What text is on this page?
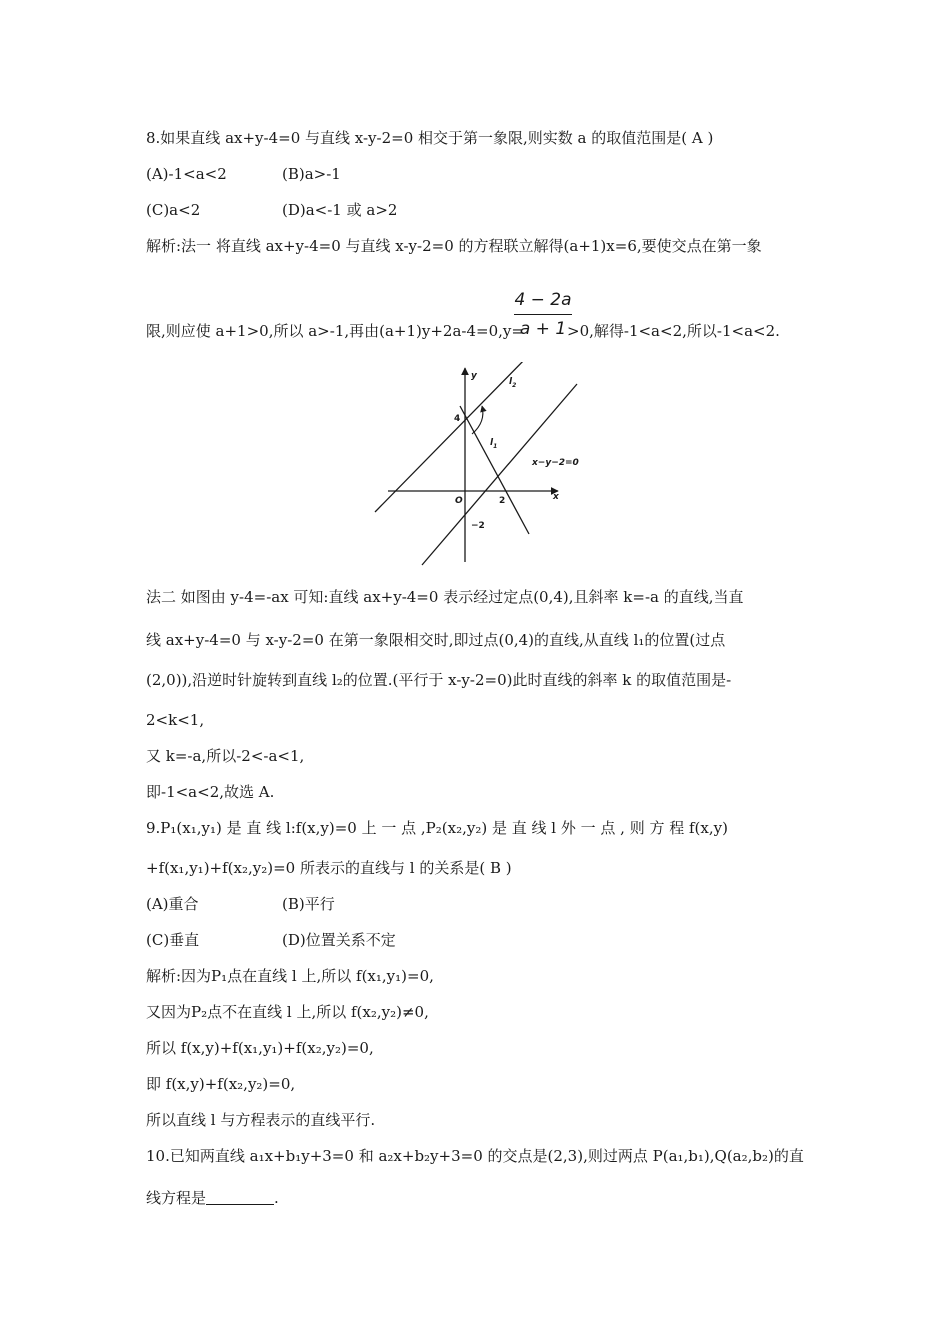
8.如果直线 ax+y-4=0 与直线 x-y-2=0 相交于第一象限,则实数 a 的取值范围是( A )
(A)-1<a<2	(B)a>-1
(C)a<2	(D)a<-1 或 a>2
解析:法一 将直线 ax+y-4=0 与直线 x-y-2=0 的方程联立解得(a+1)x=6,要使交点在第一象
限,则应使 a+1>0,所以 a>-1,再由(a+1)y+2a-4=0,y=	>0,解得-1<a<2,所以-1<a<2.
4 − 2a
a + 1
y
x
$l_2$
$l_1$
x−y−2=0
O
4
2
−2
法二 如图由 y-4=-ax 可知:直线 ax+y-4=0 表示经过定点(0,4),且斜率 k=-a 的直线,当直
线 ax+y-4=0 与 x-y-2=0 在第一象限相交时,即过点(0,4)的直线,从直线 l₁的位置(过点
(2,0)),沿逆时针旋转到直线 l₂的位置.(平行于 x-y-2=0)此时直线的斜率 k 的取值范围是-
2<k<1,
又 k=-a,所以-2<-a<1,
即-1<a<2,故选 A.
9.P₁(x₁,y₁) 是 直 线 l:f(x,y)=0 上 一 点 ,P₂(x₂,y₂) 是 直 线 l 外 一 点 , 则 方 程 f(x,y)
+f(x₁,y₁)+f(x₂,y₂)=0 所表示的直线与 l 的关系是( B )
(A)重合	(B)平行
(C)垂直	(D)位置关系不定
解析:因为P₁点在直线 l 上,所以 f(x₁,y₁)=0,
又因为P₂点不在直线 l 上,所以 f(x₂,y₂)≠0,
所以 f(x,y)+f(x₁,y₁)+f(x₂,y₂)=0,
即 f(x,y)+f(x₂,y₂)=0,
所以直线 l 与方程表示的直线平行.
10.已知两直线 a₁x+b₁y+3=0 和 a₂x+b₂y+3=0 的交点是(2,3),则过两点 P(a₁,b₁),Q(a₂,b₂)的直
线方程是	.
